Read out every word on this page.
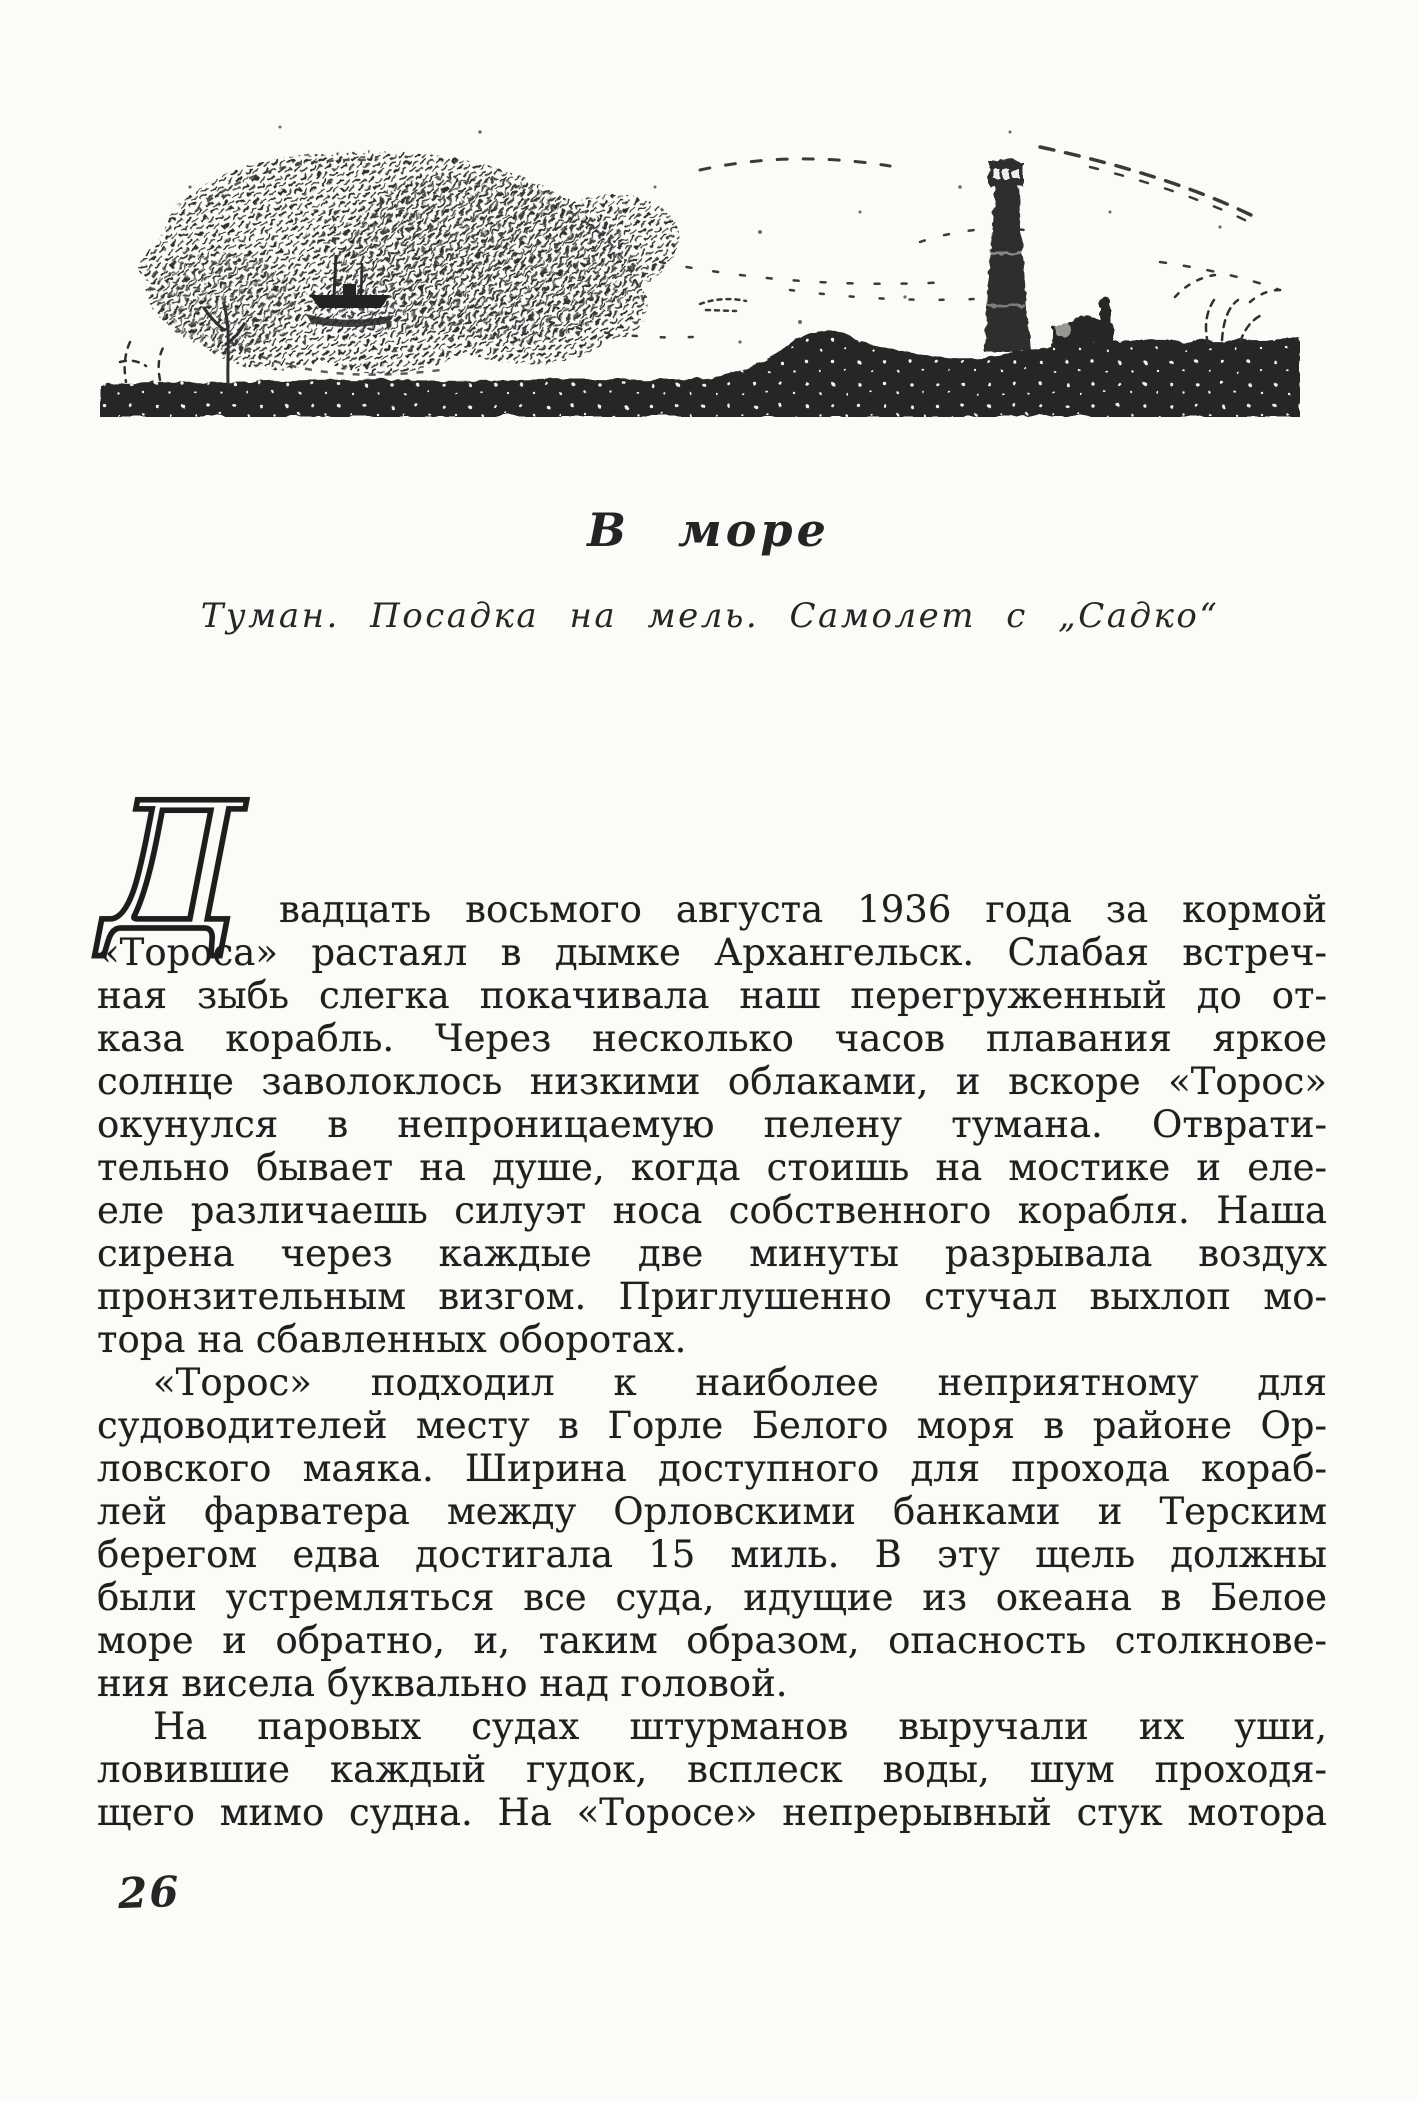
В море
Туман. Посадка на мель. Самолет с „Садко“
Д вадцать восьмого августа 1936 года за кормой
«Тороса» растаял в дымке Архангельск. Слабая встреч-
ная зыбь слегка покачивала наш перегруженный до от-
каза корабль. Через несколько часов плавания яркое
солнце заволоклось низкими облаками, и вскоре «Торос»
окунулся в непроницаемую пелену тумана. Отврати-
тельно бывает на душе, когда стоишь на мостике и еле-
еле различаешь силуэт носа собственного корабля. Наша
сирена через каждые две минуты разрывала воздух
пронзительным визгом. Приглушенно стучал выхлоп мо-
тора на сбавленных оборотах.
«Торос» подходил к наиболее неприятному для
судоводителей месту в Горле Белого моря в районе Ор-
ловского маяка. Ширина доступного для прохода кораб-
лей фарватера между Орловскими банками и Терским
берегом едва достигала 15 миль. В эту щель должны
были устремляться все суда, идущие из океана в Белое
море и обратно, и, таким образом, опасность столкнове-
ния висела буквально над головой.
На паровых судах штурманов выручали их уши,
ловившие каждый гудок, всплеск воды, шум проходя-
щего мимо судна. На «Торосе» непрерывный стук мотора
26
